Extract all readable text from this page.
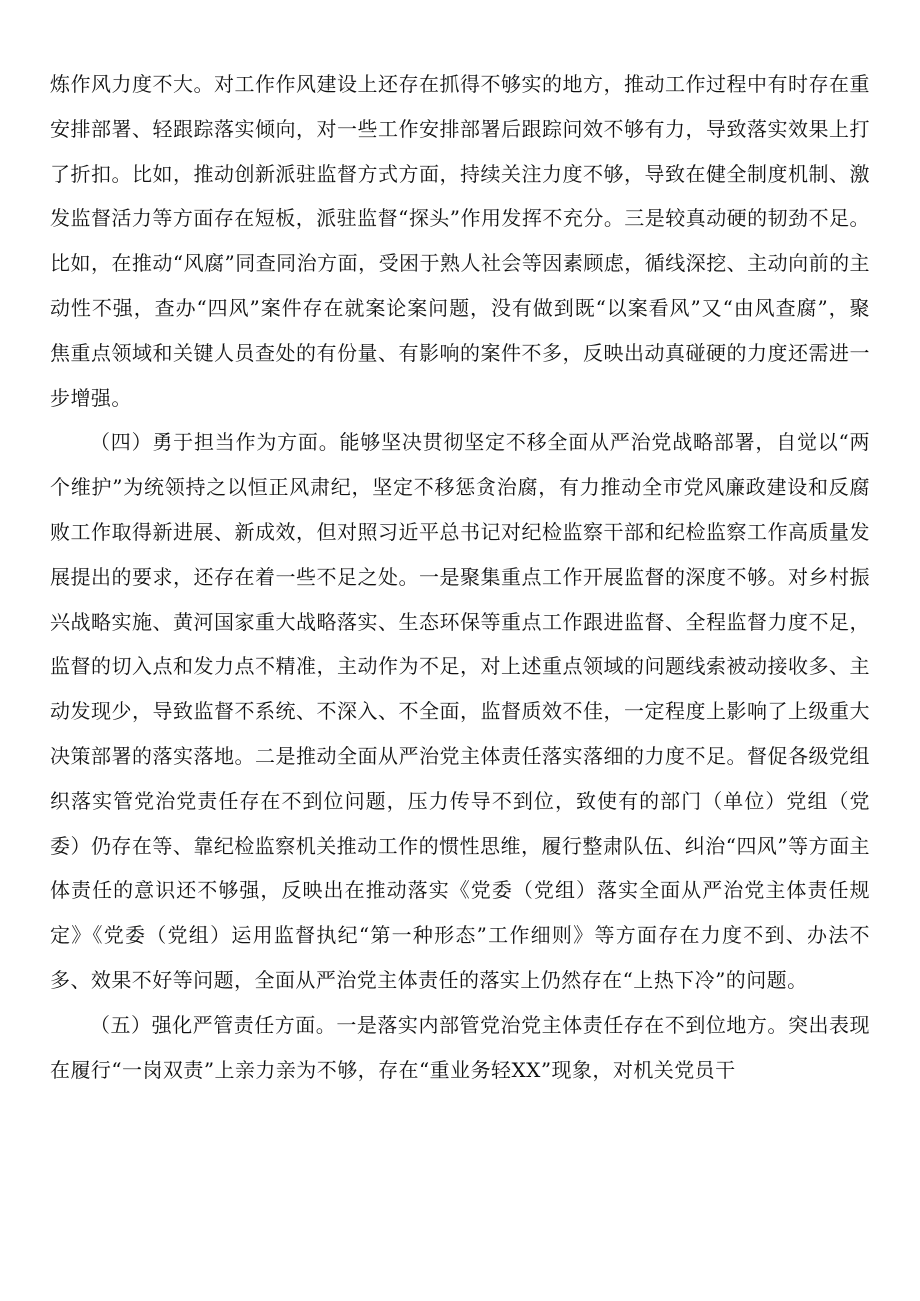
炼作风力度不大。对工作作风建设上还存在抓得不够实的地方，推动工作过程中有时存在重安排部署、轻跟踪落实倾向，对一些工作安排部署后跟踪问效不够有力，导致落实效果上打了折扣。比如，推动创新派驻监督方式方面，持续关注力度不够，导致在健全制度机制、激发监督活力等方面存在短板，派驻监督“探头”作用发挥不充分。三是较真动硬的韧劲不足。比如，在推动“风腐”同查同治方面，受困于熟人社会等因素顾虑，循线深挖、主动向前的主动性不强，查办“四风”案件存在就案论案问题，没有做到既“以案看风”又“由风查腐”，聚焦重点领域和关键人员查处的有份量、有影响的案件不多，反映出动真碰硬的力度还需进一步增强。

（四）勇于担当作为方面。能够坚决贯彻坚定不移全面从严治党战略部署，自觉以“两个维护”为统领持之以恒正风肃纪，坚定不移惩贪治腐，有力推动全市党风廉政建设和反腐败工作取得新进展、新成效，但对照习近平总书记对纪检监察干部和纪检监察工作高质量发展提出的要求，还存在着一些不足之处。一是聚集重点工作开展监督的深度不够。对乡村振兴战略实施、黄河国家重大战略落实、生态环保等重点工作跟进监督、全程监督力度不足，监督的切入点和发力点不精准，主动作为不足，对上述重点领域的问题线索被动接收多、主动发现少，导致监督不系统、不深入、不全面，监督质效不佳，一定程度上影响了上级重大决策部署的落实落地。二是推动全面从严治党主体责任落实落细的力度不足。督促各级党组织落实管党治党责任存在不到位问题，压力传导不到位，致使有的部门（单位）党组（党委）仍存在等、靠纪检监察机关推动工作的惯性思维，履行整肃队伍、纠治“四风”等方面主体责任的意识还不够强，反映出在推动落实《党委（党组）落实全面从严治党主体责任规定》《党委（党组）运用监督执纪“第一种形态”工作细则》等方面存在力度不到、办法不多、效果不好等问题，全面从严治党主体责任的落实上仍然存在“上热下冷”的问题。

（五）强化严管责任方面。一是落实内部管党治党主体责任存在不到位地方。突出表现在履行“一岗双责”上亲力亲为不够，存在“重业务轻XX”现象，对机关党员干
